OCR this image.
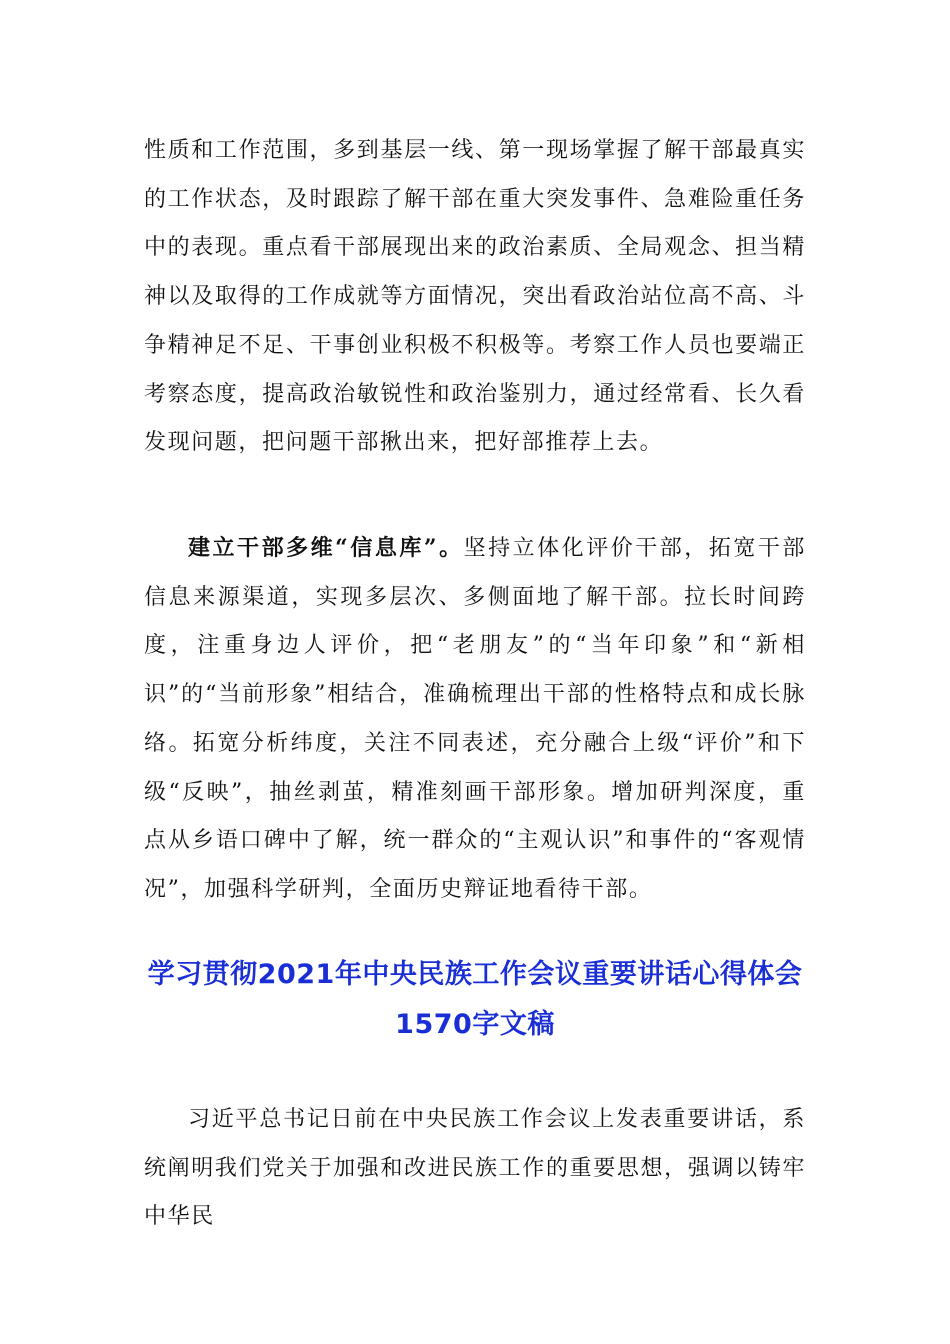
性质和工作范围，多到基层一线、第一现场掌握了解干部最真实的工作状态，及时跟踪了解干部在重大突发事件、急难险重任务中的表现。重点看干部展现出来的政治素质、全局观念、担当精神以及取得的工作成就等方面情况，突出看政治站位高不高、斗争精神足不足、干事创业积极不积极等。考察工作人员也要端正考察态度，提高政治敏锐性和政治鉴别力，通过经常看、长久看发现问题，把问题干部揪出来，把好部推荐上去。

建立干部多维“信息库”。坚持立体化评价干部，拓宽干部信息来源渠道，实现多层次、多侧面地了解干部。拉长时间跨度，注重身边人评价，把“老朋友”的“当年印象”和“新相识”的“当前形象”相结合，准确梳理出干部的性格特点和成长脉络。拓宽分析纬度，关注不同表述，充分融合上级“评价”和下级“反映”，抽丝剥茧，精准刻画干部形象。增加研判深度，重点从乡语口碑中了解，统一群众的“主观认识”和事件的“客观情况”，加强科学研判，全面历史辩证地看待干部。

学习贯彻2021年中央民族工作会议重要讲话心得体会1570字文稿

习近平总书记日前在中央民族工作会议上发表重要讲话，系统阐明我们党关于加强和改进民族工作的重要思想，强调以铸牢中华民
